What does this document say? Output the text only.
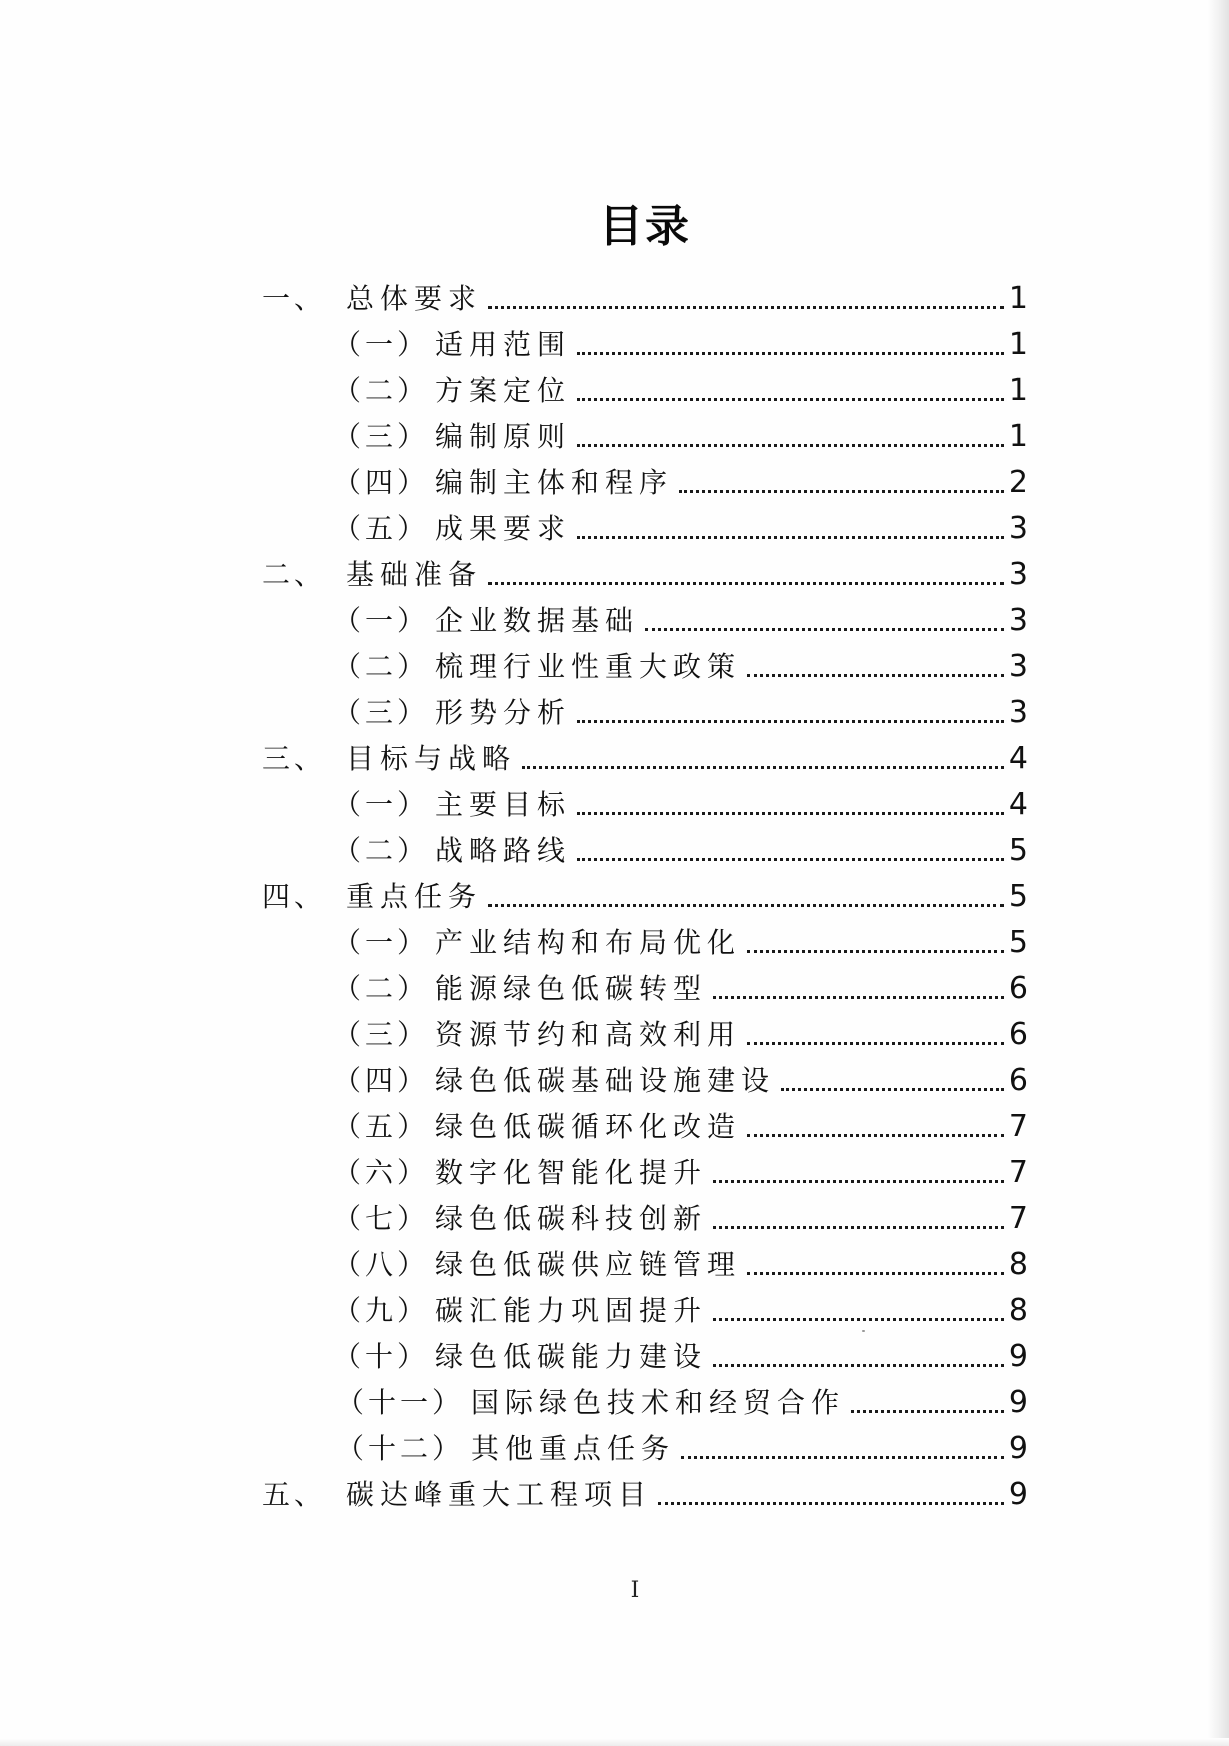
目录
一、 总体要求	1
（一） 适用范围	1
（二） 方案定位	1
（三） 编制原则	1
（四） 编制主体和程序	2
（五） 成果要求	3
二、 基础准备	3
（一） 企业数据基础	3
（二） 梳理行业性重大政策	3
（三） 形势分析	3
三、 目标与战略	4
（一） 主要目标	4
（二） 战略路线	5
四、 重点任务	5
（一） 产业结构和布局优化	5
（二） 能源绿色低碳转型	6
（三） 资源节约和高效利用	6
（四） 绿色低碳基础设施建设	6
（五） 绿色低碳循环化改造	7
（六） 数字化智能化提升	7
（七） 绿色低碳科技创新	7
（八） 绿色低碳供应链管理	8
（九） 碳汇能力巩固提升	8
（十） 绿色低碳能力建设	9
（十一） 国际绿色技术和经贸合作	9
（十二） 其他重点任务	9
五、 碳达峰重大工程项目	9
I
